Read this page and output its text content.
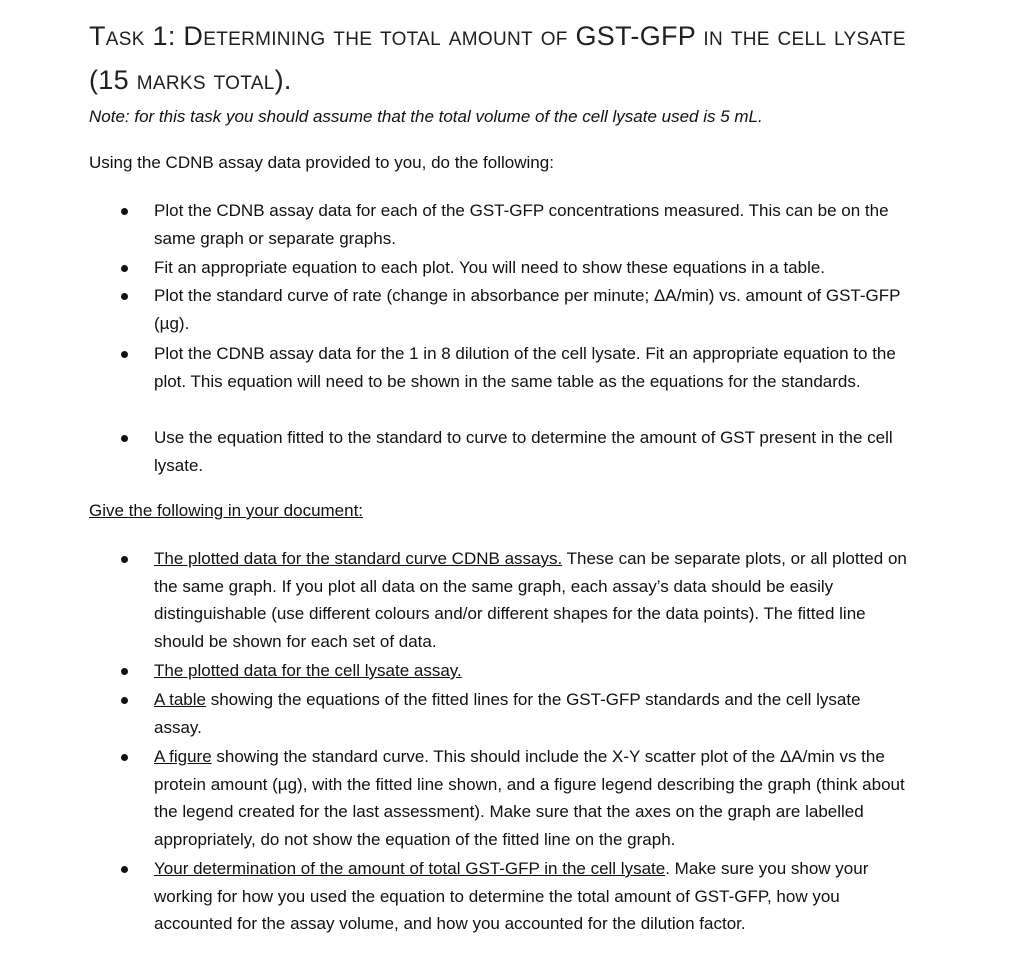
Task 1: Determining the total amount of GST-GFP in the cell lysate (15 marks total).
Note: for this task you should assume that the total volume of the cell lysate used is 5 mL.
Using the CDNB assay data provided to you, do the following:
Plot the CDNB assay data for each of the GST-GFP concentrations measured. This can be on the same graph or separate graphs.
Fit an appropriate equation to each plot. You will need to show these equations in a table.
Plot the standard curve of rate (change in absorbance per minute; ΔA/min) vs. amount of GST-GFP (µg).
Plot the CDNB assay data for the 1 in 8 dilution of the cell lysate. Fit an appropriate equation to the plot. This equation will need to be shown in the same table as the equations for the standards.
Use the equation fitted to the standard to curve to determine the amount of GST present in the cell lysate.
Give the following in your document:
The plotted data for the standard curve CDNB assays. These can be separate plots, or all plotted on the same graph. If you plot all data on the same graph, each assay’s data should be easily distinguishable (use different colours and/or different shapes for the data points). The fitted line should be shown for each set of data.
The plotted data for the cell lysate assay.
A table showing the equations of the fitted lines for the GST-GFP standards and the cell lysate assay.
A figure showing the standard curve. This should include the X-Y scatter plot of the ΔA/min vs the protein amount (µg), with the fitted line shown, and a figure legend describing the graph (think about the legend created for the last assessment). Make sure that the axes on the graph are labelled appropriately, do not show the equation of the fitted line on the graph.
Your determination of the amount of total GST-GFP in the cell lysate. Make sure you show your working for how you used the equation to determine the total amount of GST-GFP, how you accounted for the assay volume, and how you accounted for the dilution factor.
